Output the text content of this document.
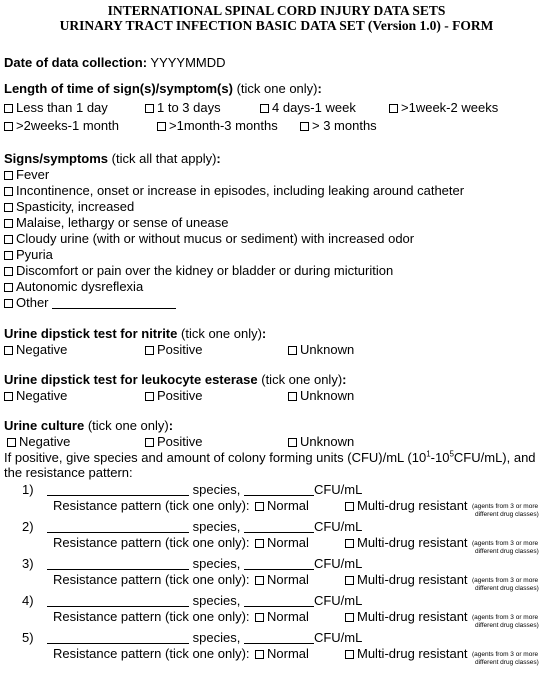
INTERNATIONAL SPINAL CORD INJURY DATA SETS
URINARY TRACT INFECTION BASIC DATA SET (Version 1.0) - FORM
Date of data collection: YYYYMMDD
Length of time of sign(s)/symptom(s) (tick one only):
Less than 1 day	1 to 3 days	4 days-1 week	>1week-2 weeks
>2weeks-1 month	>1month-3 months	> 3 months
Signs/symptoms (tick all that apply):
Fever
Incontinence, onset or increase in episodes, including leaking around catheter
Spasticity, increased
Malaise, lethargy or sense of unease
Cloudy urine (with or without mucus or sediment) with increased odor
Pyuria
Discomfort or pain over the kidney or bladder or during micturition
Autonomic dysreflexia
Other
Urine dipstick test for nitrite (tick one only):
Negative	Positive	Unknown
Urine dipstick test for leukocyte esterase (tick one only):
Negative	Positive	Unknown
Urine culture (tick one only):
Negative	Positive	Unknown
If positive, give species and amount of colony forming units (CFU)/mL $(10^1-10^5CFU/mL)$, and
the resistance pattern:
1)	species,	CFU/mL
Resistance pattern (tick one only):	Normal	Multi-drug resistant (agents from 3 or more
different drug classes)
2)	species,	CFU/mL
Resistance pattern (tick one only):	Normal	Multi-drug resistant (agents from 3 or more
different drug classes)
3)	species,	CFU/mL
Resistance pattern (tick one only):	Normal	Multi-drug resistant (agents from 3 or more
different drug classes)
4)	species,	CFU/mL
Resistance pattern (tick one only):	Normal	Multi-drug resistant (agents from 3 or more
different drug classes)
5)	species,	CFU/mL
Resistance pattern (tick one only):	Normal	Multi-drug resistant (agents from 3 or more
different drug classes)
